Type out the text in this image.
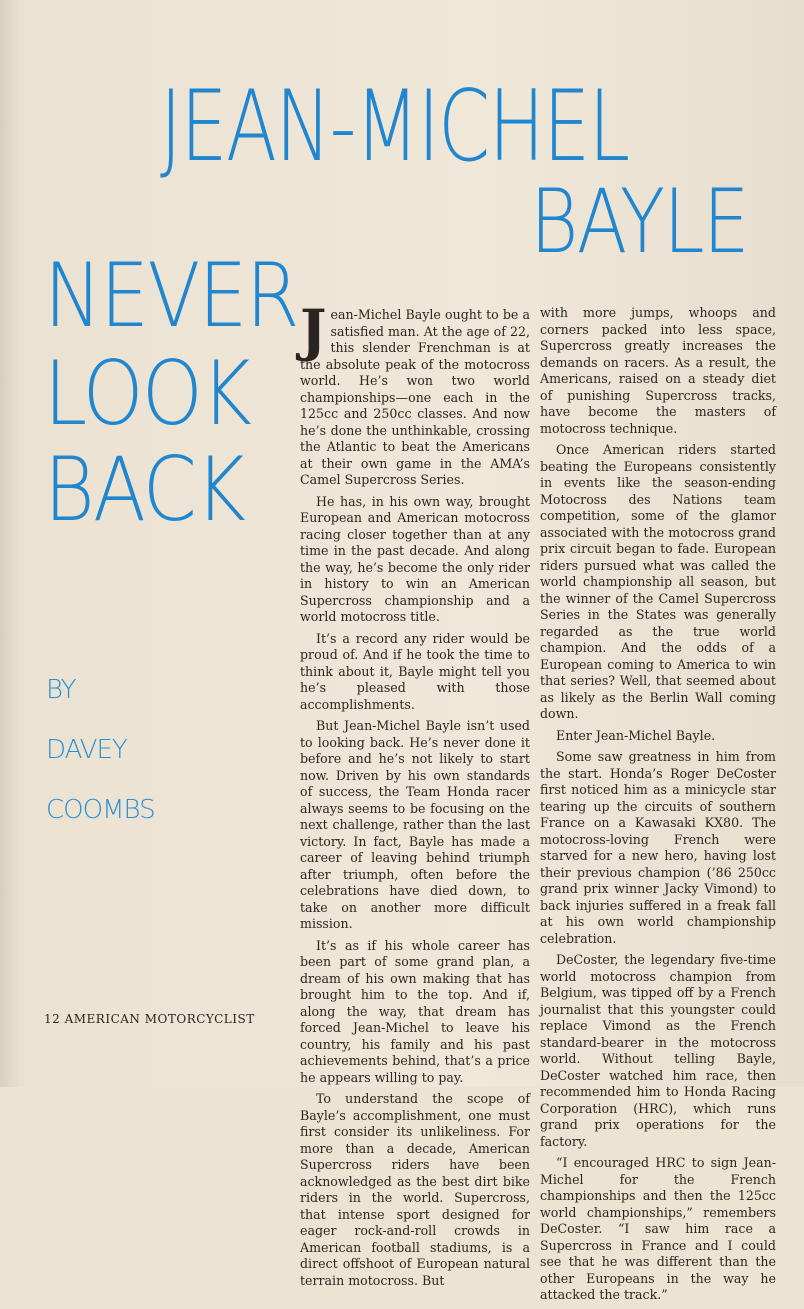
JEAN-MICHEL
BAYLE
NEVER
LOOK
BACK
BY
DAVEY
COOMBS

Jean-Michel Bayle ought to be a satisfied man. At the age of 22, this slender Frenchman is at the absolute peak of the motocross world. He’s won two world championships—one each in the 125cc and 250cc classes. And now he’s done the unthinkable, crossing the Atlantic to beat the Americans at their own game in the AMA’s Camel Supercross Series.

He has, in his own way, brought European and American motocross racing closer together than at any time in the past decade. And along the way, he’s become the only rider in history to win an American Supercross championship and a world motocross title.

It’s a record any rider would be proud of. And if he took the time to think about it, Bayle might tell you he’s pleased with those accomplishments.

But Jean-Michel Bayle isn’t used to looking back. He’s never done it before and he’s not likely to start now. Driven by his own standards of success, the Team Honda racer always seems to be focusing on the next challenge, rather than the last victory. In fact, Bayle has made a career of leaving behind triumph after triumph, often before the celebrations have died down, to take on another more difficult mission.

It’s as if his whole career has been part of some grand plan, a dream of his own making that has brought him to the top. And if, along the way, that dream has forced Jean-Michel to leave his country, his family and his past achievements behind, that’s a price he appears willing to pay.

To understand the scope of Bayle’s accomplishment, one must first consider its unlikeliness. For more than a decade, American Supercross riders have been acknowledged as the best dirt bike riders in the world. Supercross, that intense sport designed for eager rock-and-roll crowds in American football stadiums, is a direct offshoot of European natural terrain motocross. But

with more jumps, whoops and corners packed into less space, Supercross greatly increases the demands on racers. As a result, the Americans, raised on a steady diet of punishing Supercross tracks, have become the masters of motocross technique.

Once American riders started beating the Europeans consistently in events like the season-ending Motocross des Nations team competition, some of the glamor associated with the motocross grand prix circuit began to fade. European riders pursued what was called the world championship all season, but the winner of the Camel Supercross Series in the States was generally regarded as the true world champion. And the odds of a European coming to America to win that series? Well, that seemed about as likely as the Berlin Wall coming down.

Enter Jean-Michel Bayle.

Some saw greatness in him from the start. Honda’s Roger DeCoster first noticed him as a minicycle star tearing up the circuits of southern France on a Kawasaki KX80. The motocross-loving French were starved for a new hero, having lost their previous champion (’86 250cc grand prix winner Jacky Vimond) to back injuries suffered in a freak fall at his own world championship celebration.

DeCoster, the legendary five-time world motocross champion from Belgium, was tipped off by a French journalist that this youngster could replace Vimond as the French standard-bearer in the motocross world. Without telling Bayle, DeCoster watched him race, then recommended him to Honda Racing Corporation (HRC), which runs grand prix operations for the factory.

“I encouraged HRC to sign Jean-Michel for the French championships and then the 125cc world championships,” remembers DeCoster. “I saw him race a Supercross in France and I could see that he was different than the other Europeans in the way he attacked the track.”

12 AMERICAN MOTORCYCLIST
